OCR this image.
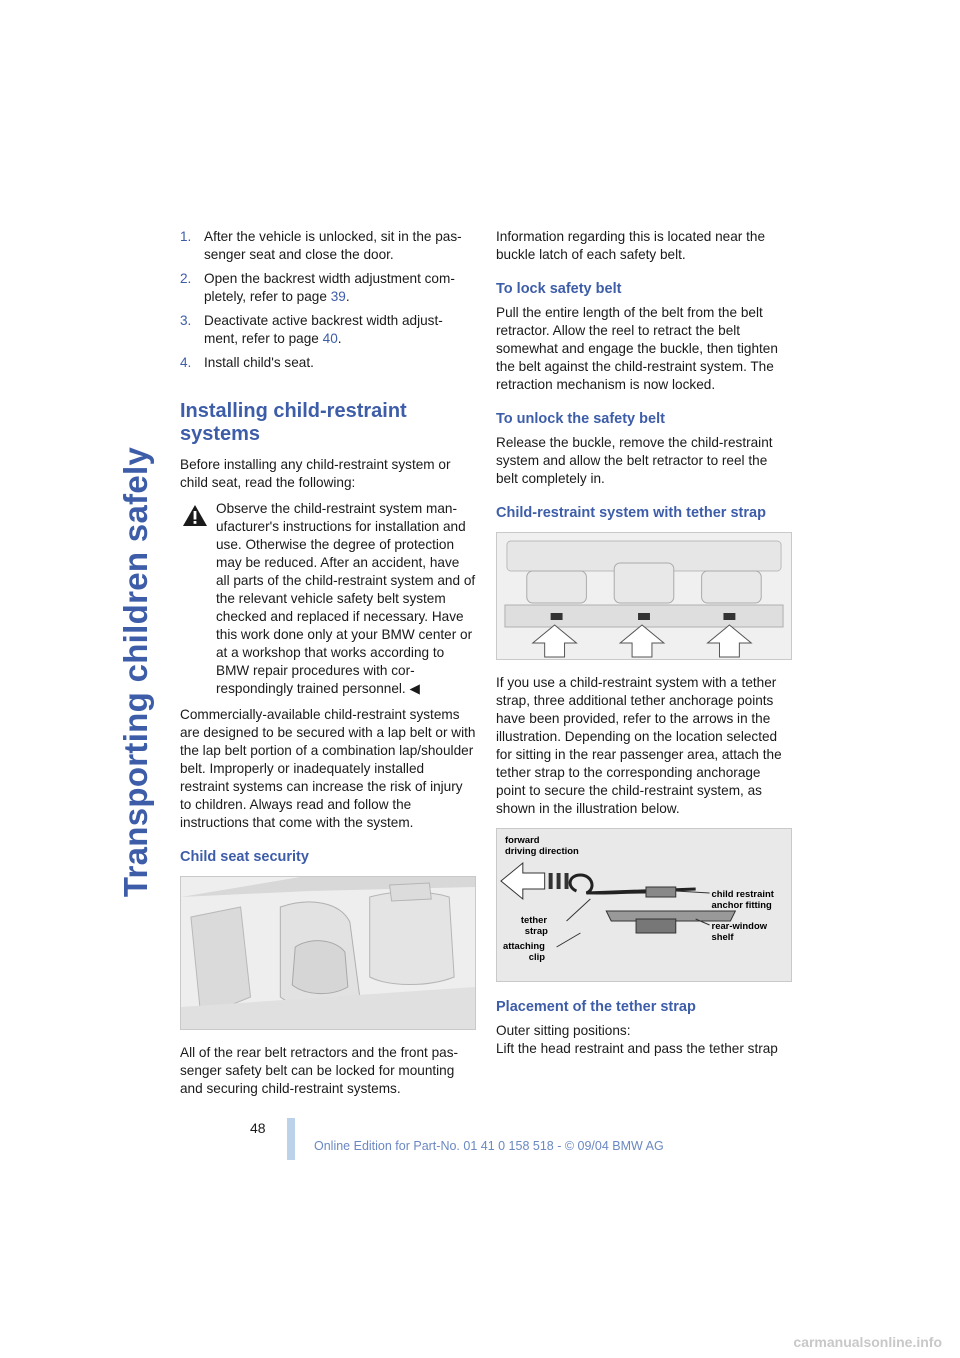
Transporting children safely
1. After the vehicle is unlocked, sit in the pas-senger seat and close the door.
2. Open the backrest width adjustment com-pletely, refer to page 39.
3. Deactivate active backrest width adjust-ment, refer to page 40.
4. Install child's seat.
Installing child-restraint systems

Before installing any child-restraint system or child seat, read the following:

Observe the child-restraint system man-ufacturer's instructions for installation and use. Otherwise the degree of protection may be reduced. After an accident, have all parts of the child-restraint system and of the relevant vehicle safety belt system checked and replaced if necessary. Have this work done only at your BMW center or at a workshop that works according to BMW repair procedures with cor-respondingly trained personnel. ◀

Commercially-available child-restraint systems are designed to be secured with a lap belt or with the lap belt portion of a combination lap/shoulder belt. Improperly or inadequately installed restraint systems can increase the risk of injury to children. Always read and follow the instructions that come with the system.

Child seat security

All of the rear belt retractors and the front pas-senger safety belt can be locked for mounting and securing child-restraint systems.

Information regarding this is located near the buckle latch of each safety belt.

To lock safety belt

Pull the entire length of the belt from the belt retractor. Allow the reel to retract the belt somewhat and engage the buckle, then tighten the belt against the child-restraint system. The retraction mechanism is now locked.

To unlock the safety belt

Release the buckle, remove the child-restraint system and allow the belt retractor to reel the belt completely in.

Child-restraint system with tether strap

If you use a child-restraint system with a tether strap, three additional tether anchorage points have been provided, refer to the arrows in the illustration. Depending on the location selected for sitting in the rear passenger area, attach the tether strap to the corresponding anchorage point to secure the child-restraint system, as shown in the illustration below.

forward
driving direction
child restraint
anchor fitting
tether
strap	rear-window
shelf
attaching
clip
Placement of the tether strap

Outer sitting positions:

Lift the head restraint and pass the tether strap

48
Online Edition for Part-No. 01 41 0 158 518 - © 09/04 BMW AG
carmanualsonline.info
